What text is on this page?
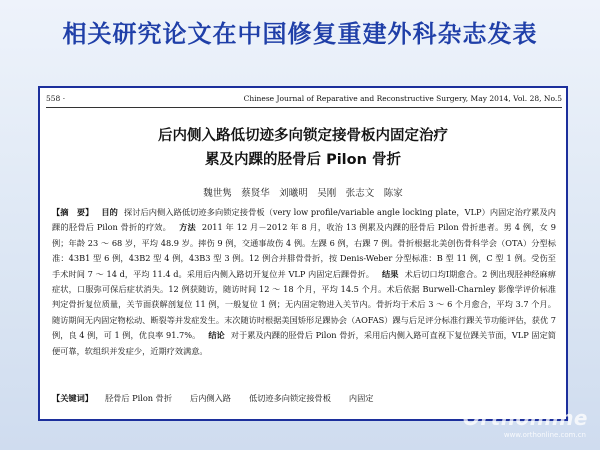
相关研究论文在中国修复重建外科杂志发表
558 ·	Chinese Journal of Reparative and Reconstructive Surgery, May 2014, Vol. 28, No.5
后内侧入路低切迹多向锁定接骨板内固定治疗
累及内踝的胫骨后 Pilon 骨折
魏世隽　蔡贤华　刘曦明　吴刚　张志文　陈家
【摘　要】 目的 探讨后内侧入路低切迹多向锁定接骨板（very low profile/variable angle locking plate，VLP）内固定治疗累及内踝的胫骨后 Pilon 骨折的疗效。 方法 2011 年 12 月－2012 年 8 月，收治 13 例累及内踝的胫骨后 Pilon 骨折患者。男 4 例，女 9 例；年龄 23 ～ 68 岁，平均 48.9 岁。摔伤 9 例，交通事故伤 4 例。左踝 6 例，右踝 7 例。骨折根据北美创伤骨科学会（OTA）分型标准：43B1 型 6 例，43B2 型 4 例，43B3 型 3 例。12 例合并腓骨骨折，按 Denis-Weber 分型标准：B 型 11 例，C 型 1 例。受伤至手术时间 7 ～ 14 d，平均 11.4 d。采用后内侧入路切开复位并 VLP 内固定后踝骨折。 结果 术后切口均Ⅰ期愈合。2 例出现胫神经麻痹症状，口服弥可保后症状消失。12 例获随访，随访时间 12 ～ 18 个月，平均 14.5 个月。术后依据 Burwell-Charnley 影像学评价标准判定骨折复位质量，关节面获解剖复位 11 例，一般复位 1 例；无内固定物进入关节内。骨折均于术后 3 ～ 6 个月愈合，平均 3.7 个月。随访期间无内固定物松动、断裂等并发症发生。末次随访时根据美国矫形足踝协会（AOFAS）踝与后足评分标准行踝关节功能评估，获优 7 例，良 4 例，可 1 例，优良率 91.7%。 结论 对于累及内踝的胫骨后 Pilon 骨折，采用后内侧入路可直视下复位踝关节面，VLP 固定简便可靠，软组织并发症少，近期疗效满意。
【关键词】 胫骨后 Pilon 骨折 后内侧入路 低切迹多向锁定接骨板 内固定
Orthonline
www.orthonline.com.cn
